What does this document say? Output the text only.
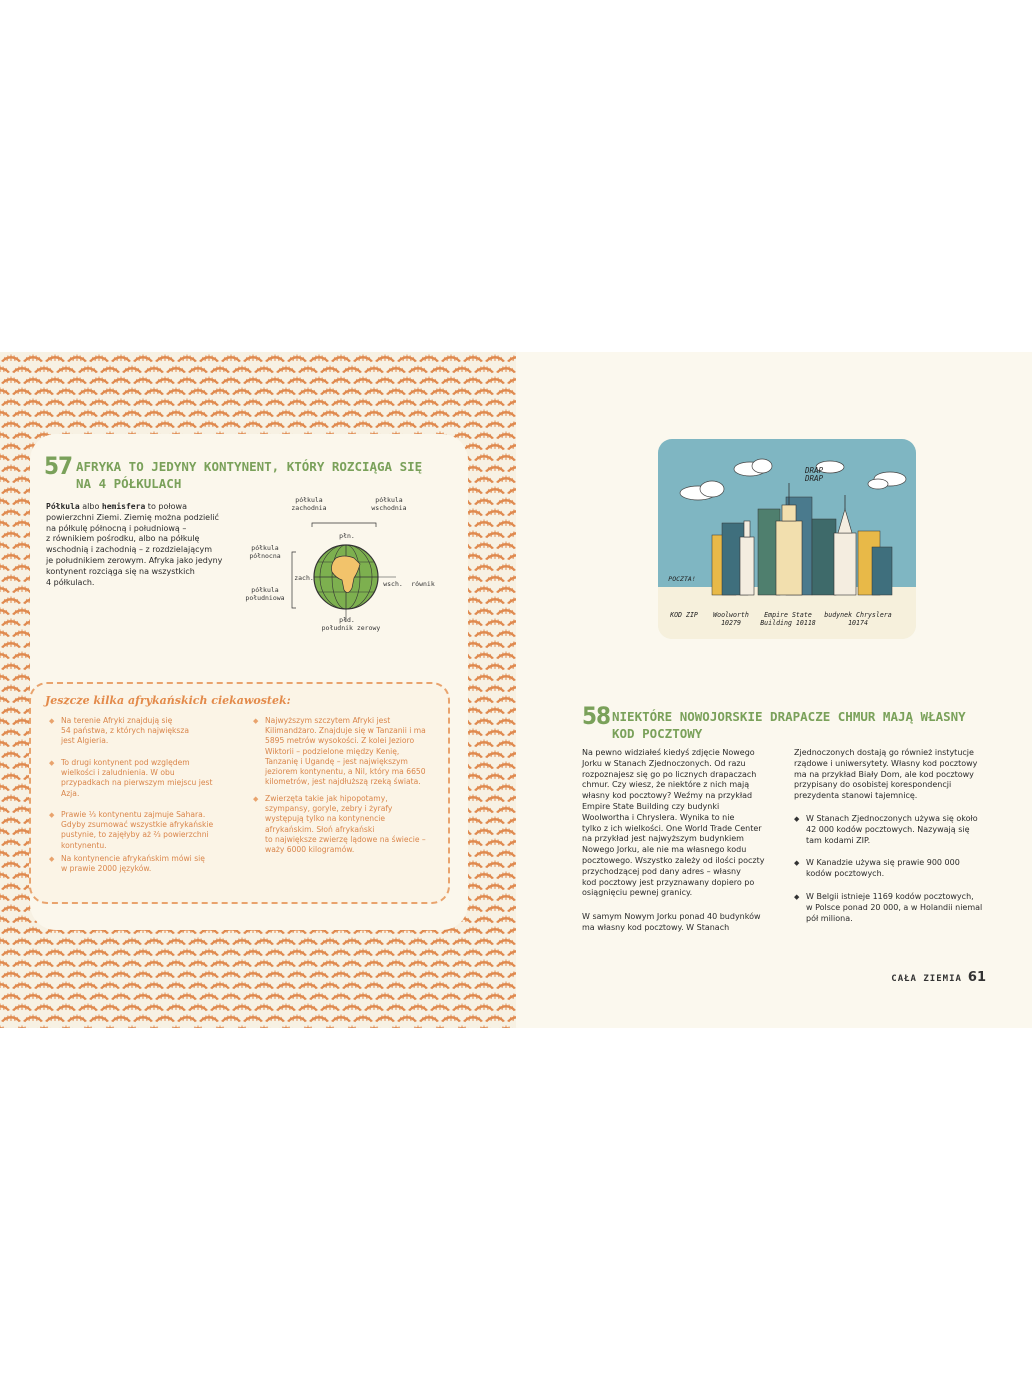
57 AFRYKA TO JEDYNY KONTYNENT, KTÓRY ROZCIĄGA SIĘ
NA 4 PÓŁKULACH
Półkula albo hemisfera to połowa
powierzchni Ziemi. Ziemię można podzielić
na półkulę północną i południową –
z równikiem pośrodku, albo na półkulę
wschodnią i zachodnią – z rozdzielającym
je południkiem zerowym. Afryka jako jedyny
kontynent rozciąga się na wszystkich
4 półkulach.
półkula
zachodnia
półkula
wschodnia
płn.
półkula
północna
półkula
południowa
zach.
wsch.	równik
płd.
południk zerowy
Jeszcze kilka afrykańskich ciekawostek:
◆ Na terenie Afryki znajdują się
54 państwa, z których największa
jest Algieria.
◆ To drugi kontynent pod względem
wielkości i zaludnienia. W obu
przypadkach na pierwszym miejscu jest
Azja.
◆ Prawie ⅓ kontynentu zajmuje Sahara.
Gdyby zsumować wszystkie afrykańskie
pustynie, to zajęłyby aż ⅔ powierzchni
kontynentu.
◆ Na kontynencie afrykańskim mówi się
w prawie 2000 języków.
◆ Najwyższym szczytem Afryki jest
Kilimandżaro. Znajduje się w Tanzanii i ma
5895 metrów wysokości. Z kolei Jezioro
Wiktorii – podzielone między Kenię,
Tanzanię i Ugandę – jest największym
jeziorem kontynentu, a Nil, który ma 6650
kilometrów, jest najdłuższą rzeką świata.
◆ Zwierzęta takie jak hipopotamy,
szympansy, goryle, zebry i żyrafy
występują tylko na kontynencie
afrykańskim. Słoń afrykański
to największe zwierzę lądowe na świecie –
waży 6000 kilogramów.
DRAP
DRAP
POCZTA!
KOD ZIP	Woolworth
10279
Empire State
Building 10118
budynek Chryslera
10174
58 NIEKTÓRE NOWOJORSKIE DRAPACZE CHMUR MAJĄ WŁASNY
KOD POCZTOWY
Na pewno widziałeś kiedyś zdjęcie Nowego
Jorku w Stanach Zjednoczonych. Od razu
rozpoznajesz się go po licznych drapaczach
chmur. Czy wiesz, że niektóre z nich mają
własny kod pocztowy? Weźmy na przykład
Empire State Building czy budynki
Woolwortha i Chryslera. Wynika to nie
tylko z ich wielkości. One World Trade Center
na przykład jest najwyższym budynkiem
Nowego Jorku, ale nie ma własnego kodu
pocztowego. Wszystko zależy od ilości poczty
przychodzącej pod dany adres – własny
kod pocztowy jest przyznawany dopiero po
osiągnięciu pewnej granicy.
W samym Nowym Jorku ponad 40 budynków
ma własny kod pocztowy. W Stanach
Zjednoczonych dostają go również instytucje
rządowe i uniwersytety. Własny kod pocztowy
ma na przykład Biały Dom, ale kod pocztowy
przypisany do osobistej korespondencji
prezydenta stanowi tajemnicę.
◆ W Stanach Zjednoczonych używa się około
42 000 kodów pocztowych. Nazywają się
tam kodami ZIP.
◆ W Kanadzie używa się prawie 900 000
kodów pocztowych.
◆ W Belgii istnieje 1169 kodów pocztowych,
w Polsce ponad 20 000, a w Holandii niemal
pół miliona.
CAŁA ZIEMIA 61
